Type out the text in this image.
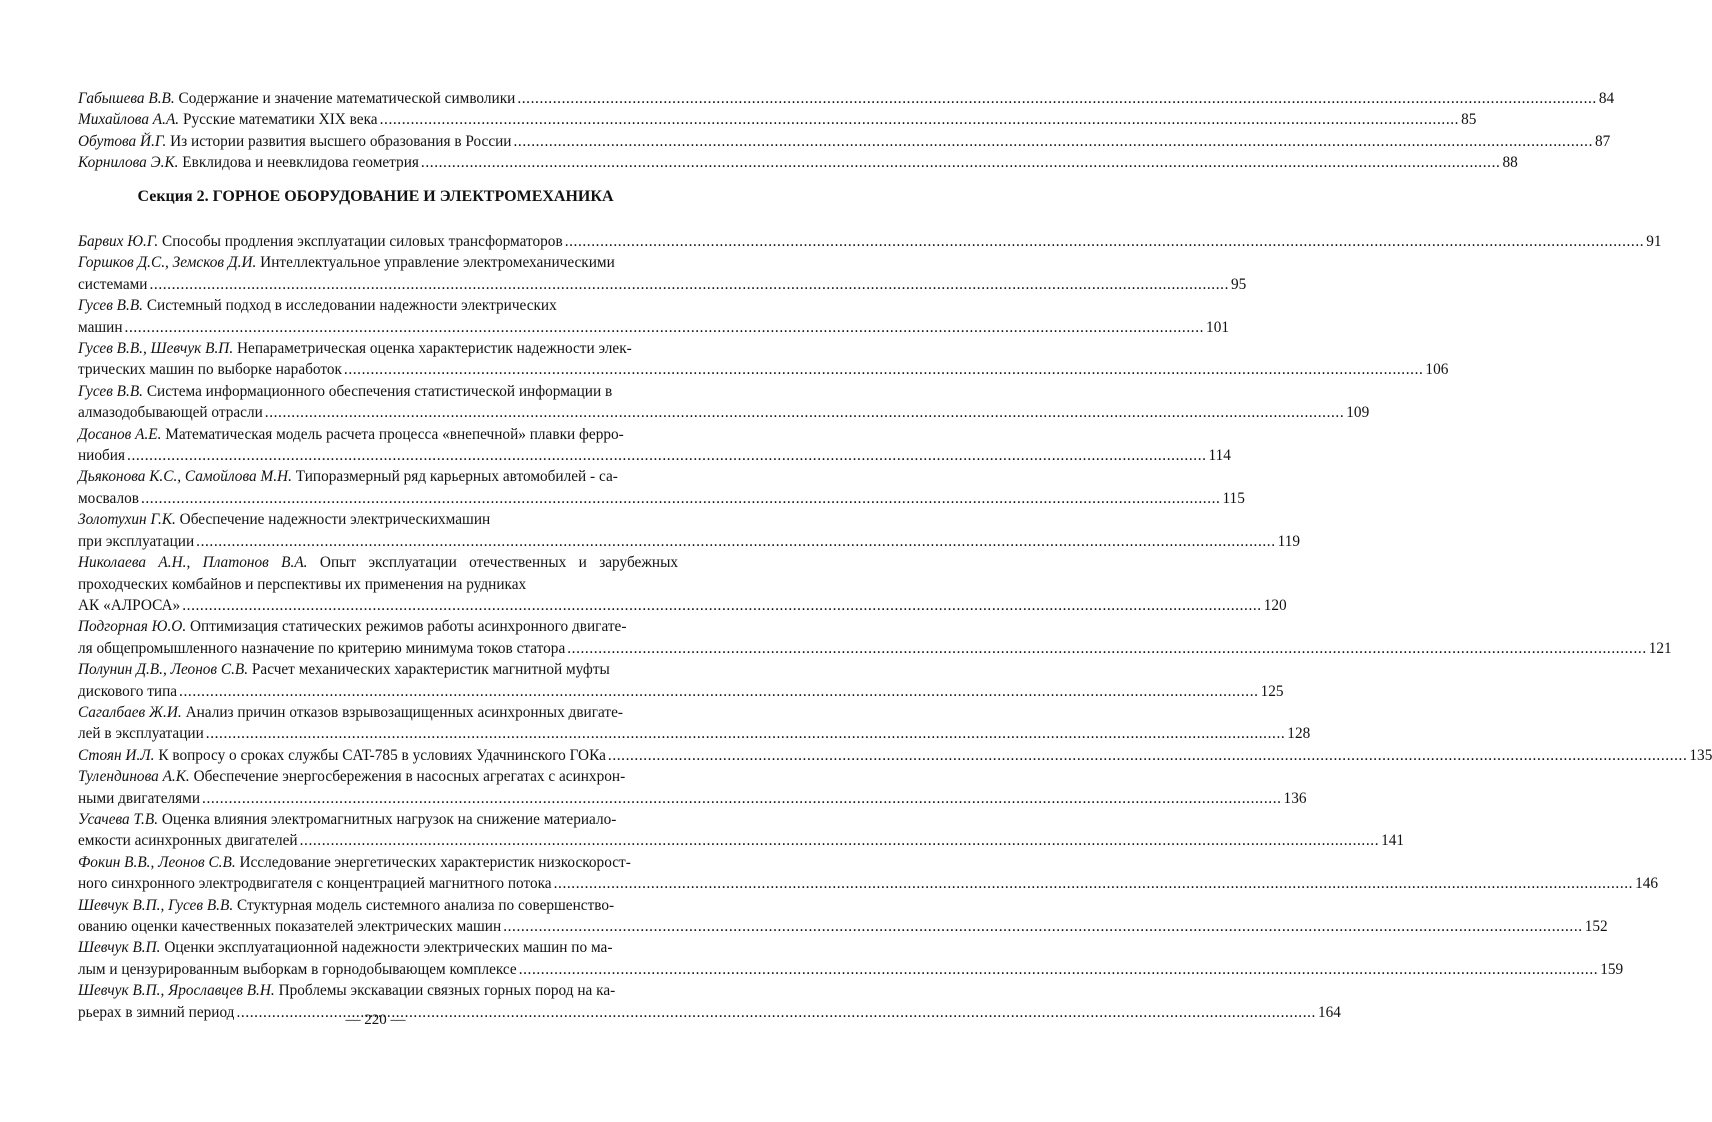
Габышева В.В. Содержание и значение математической символики .....	84
Михайлова А.А. Русские математики XIX века .....	85
Обутова Й.Г. Из истории развития высшего образования в России .....	87
Корнилова Э.К. Евклидова и неевклидова геометрия .....	88
Секция 2. ГОРНОЕ ОБОРУДОВАНИЕ И ЭЛЕКТРОМЕХАНИКА
Барвих Ю.Г. Способы продления эксплуатации силовых трансформаторов .....	91

Горшков Д.С., Земсков Д.И. Интеллектуальное управление электромеханическими

системами .....	95

Гусев В.В. Системный подход в исследовании надежности электрических

машин .....	101

Гусев В.В., Шевчук В.П. Непараметрическая оценка характеристик надежности элек-

трических машин по выборке наработок .....	106

Гусев В.В. Система информационного обеспечения статистической информации в

алмазодобывающей отрасли .....	109

Досанов А.Е. Математическая модель расчета процесса «внепечной» плавки ферро-

ниобия .....	114

Дьяконова К.С., Самойлова М.Н. Типоразмерный ряд карьерных автомобилей - са-

мосвалов .....	115

Золотухин Г.К. Обеспечение надежности электрическихмашин

при эксплуатации .....	119

Николаева А.Н., Платонов В.А. Опыт эксплуатации отечественных и зарубежных проходческих комбайнов и перспективы их применения на рудниках

АК «АЛРОСА» .....	120

Подгорная Ю.О. Оптимизация статических режимов работы асинхронного двигате-

ля общепромышленного назначение по критерию минимума токов статора .....	121

Полунин Д.В., Леонов С.В. Расчет механических характеристик магнитной муфты

дискового типа .....	125

Сагалбаев Ж.И. Анализ причин отказов взрывозащищенных асинхронных двигате-

лей в эксплуатации .....	128
Стоян И.Л. К вопросу о сроках службы CAT-785 в условиях Удачнинского ГОКа .....	135

Тулендинова А.К. Обеспечение энергосбережения в насосных агрегатах с асинхрон-

ными двигателями .....	136

Усачева Т.В. Оценка влияния электромагнитных нагрузок на снижение материало-

емкости асинхронных двигателей .....	141

Фокин В.В., Леонов С.В. Исследование энергетических характеристик низкоскорост-

ного синхронного электродвигателя с концентрацией магнитного потока .....	146

Шевчук В.П., Гусев В.В. Стуктурная модель системного анализа по совершенство-

ованию оценки качественных показателей электрических машин .....	152

Шевчук В.П. Оценки эксплуатационной надежности электрических машин по ма-

лым и цензурированным выборкам в горнодобывающем комплексе .....	159

Шевчук В.П., Ярославцев В.Н. Проблемы экскавации связных горных пород на ка-

рьерах в зимний период .....	164
— 220 —
